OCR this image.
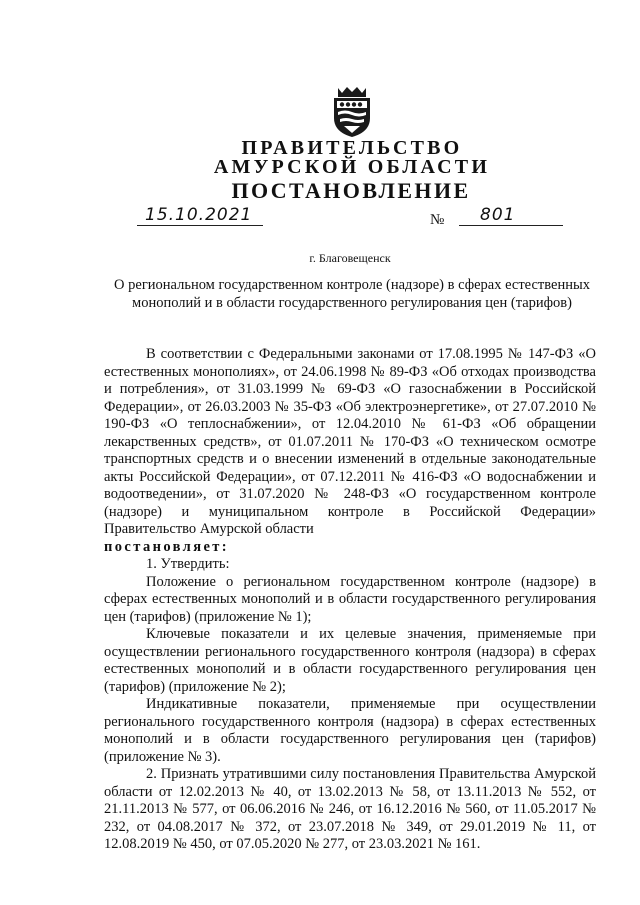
ПРАВИТЕЛЬСТВО
АМУРСКОЙ ОБЛАСТИ
ПОСТАНОВЛЕНИЕ
15.10.2021	№ 801
г. Благовещенск
О региональном государственном контроле (надзоре) в сферах естественных монополий и в области государственного регулирования цен (тарифов)

В соответствии с Федеральными законами от 17.08.1995 № 147-ФЗ «О естественных монополиях», от 24.06.1998 № 89-ФЗ «Об отходах производства и потребления», от 31.03.1999 № 69-ФЗ «О газоснабжении в Российской Федерации», от 26.03.2003 № 35-ФЗ «Об электроэнергетике», от 27.07.2010 № 190-ФЗ «О теплоснабжении», от 12.04.2010 № 61-ФЗ «Об обращении лекарственных средств», от 01.07.2011 № 170-ФЗ «О техническом осмотре транспортных средств и о внесении изменений в отдельные законодательные акты Российской Федерации», от 07.12.2011 № 416-ФЗ «О водоснабжении и водоотведении», от 31.07.2020 № 248-ФЗ «О государственном контроле (надзоре) и муниципальном контроле в Российской Федерации» Правительство Амурской области

постановляет:

1. Утвердить:

Положение о региональном государственном контроле (надзоре) в сферах естественных монополий и в области государственного регулирования цен (тарифов) (приложение № 1);

Ключевые показатели и их целевые значения, применяемые при осуществлении регионального государственного контроля (надзора) в сферах естественных монополий и в области государственного регулирования цен (тарифов) (приложение № 2);

Индикативные показатели, применяемые при осуществлении регионального государственного контроля (надзора) в сферах естественных монополий и в области государственного регулирования цен (тарифов) (приложение № 3).

2. Признать утратившими силу постановления Правительства Амурской области от 12.02.2013 № 40, от 13.02.2013 № 58, от 13.11.2013 № 552, от 21.11.2013 № 577, от 06.06.2016 № 246, от 16.12.2016 № 560, от 11.05.2017 № 232, от 04.08.2017 № 372, от 23.07.2018 № 349, от 29.01.2019 № 11, от 12.08.2019 № 450, от 07.05.2020 № 277, от 23.03.2021 № 161.
